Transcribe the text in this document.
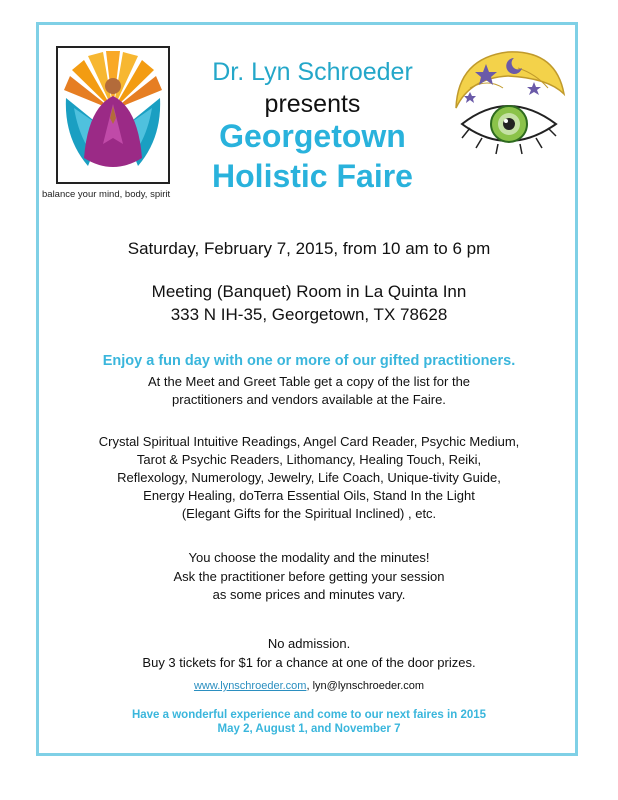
balance your mind, body, spirit
Dr. Lyn Schroeder
presents
Georgetown
Holistic Faire
Saturday, February 7, 2015, from 10 am to 6 pm
Meeting (Banquet) Room in La Quinta Inn
333 N IH-35, Georgetown, TX 78628
Enjoy a fun day with one or more of our gifted practitioners.
At the Meet and Greet Table get a copy of the list for the
practitioners and vendors available at the Faire.
Crystal Spiritual Intuitive Readings, Angel Card Reader, Psychic Medium,
Tarot & Psychic Readers, Lithomancy, Healing Touch, Reiki,
Reflexology, Numerology, Jewelry, Life Coach, Unique-tivity Guide,
Energy Healing, doTerra Essential Oils, Stand In the Light
(Elegant Gifts for the Spiritual Inclined) , etc.
You choose the modality and the minutes!
Ask the practitioner before getting your session
as some prices and minutes vary.
No admission.
Buy 3 tickets for $1 for a chance at one of the door prizes.
www.lynschroeder.com, lyn@lynschroeder.com
Have a wonderful experience and come to our next faires in 2015
May 2, August 1, and November 7
